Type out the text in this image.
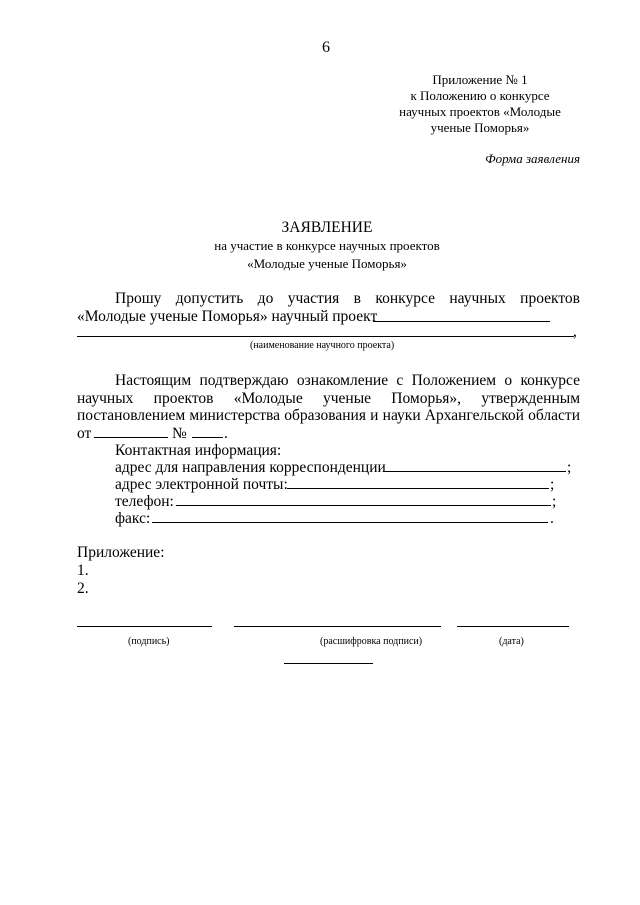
6
Приложение № 1
к Положению о конкурсе
научных проектов «Молодые
ученые Поморья»
Форма заявления
ЗАЯВЛЕНИЕ
на участие в конкурсе научных проектов
«Молодые ученые Поморья»
Прошу допустить до участия в конкурсе научных проектов
«Молодые ученые Поморья» научный проект
,
(наименование научного проекта)
Настоящим подтверждаю ознакомление с Положением о конкурсе
научных проектов «Молодые ученые Поморья», утвержденным
постановлением министерства образования и науки Архангельской области
от	№ .
Контактная информация:
адрес для направления корреспонденции	;
адрес электронной почты:	;
телефон:	;
факс:	.
Приложение:
1.
2.
(подпись)	(расшифровка подписи)	(дата)
